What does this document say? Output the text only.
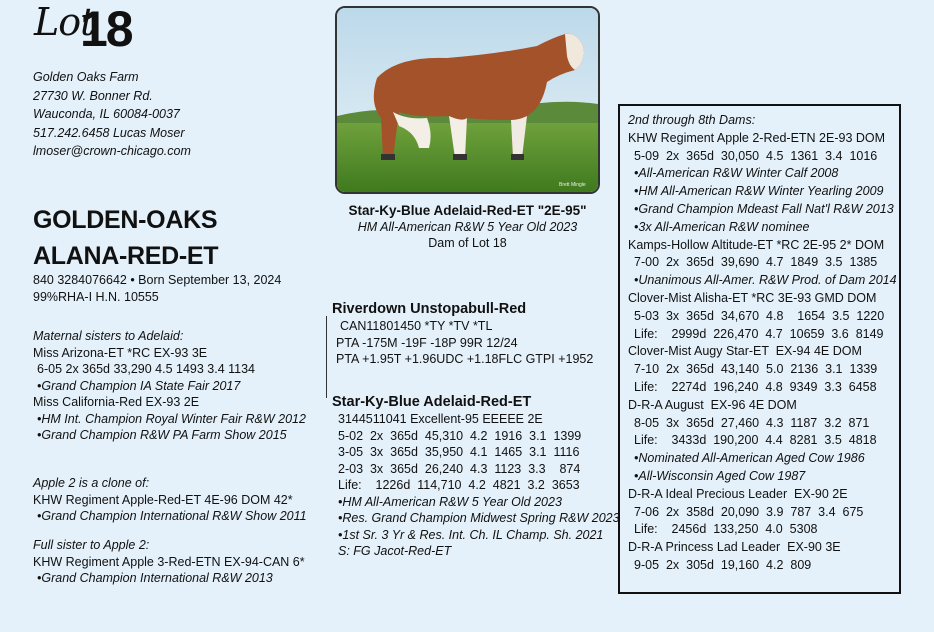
Lot
18
Golden Oaks Farm
27730 W. Bonner Rd.
Wauconda, IL 60084-0037
517.242.6458 Lucas Moser
lmoser@crown-chicago.com
GOLDEN-OAKS
ALANA-RED-ET
840 3284076642 • Born September 13, 2024
99%RHA-I H.N. 10555
Maternal sisters to Adelaid:
Miss Arizona-ET *RC EX-93 3E
6-05 2x 365d 33,290 4.5 1493 3.4 1134
•Grand Champion IA State Fair 2017
Miss California-Red EX-93 2E
•HM Int. Champion Royal Winter Fair R&W 2012
•Grand Champion R&W PA Farm Show 2015
Apple 2 is a clone of:
KHW Regiment Apple-Red-ET 4E-96 DOM 42*
•Grand Champion International R&W Show 2011
Full sister to Apple 2:
KHW Regiment Apple 3-Red-ETN EX-94-CAN 6*
•Grand Champion International R&W 2013
Brett Mingle
Star-Ky-Blue Adelaid-Red-ET "2E-95"
HM All-American R&W 5 Year Old 2023
Dam of Lot 18
Riverdown Unstopabull-Red
CAN11801450 *TY *TV *TL
PTA -175M -19F -18P 99R 12/24
PTA +1.95T +1.96UDC +1.18FLC GTPI +1952
Star-Ky-Blue Adelaid-Red-ET
3144511041 Excellent-95 EEEEE 2E
5-02  2x  365d  45,310  4.2  1916  3.1  1399
3-05  3x  365d  35,950  4.1  1465  3.1  1116
2-03  3x  365d  26,240  4.3  1123  3.3    874
Life:    1226d  114,710  4.2  4821  3.2  3653
•HM All-American R&W 5 Year Old 2023
•Res. Grand Champion Midwest Spring R&W 2023
•1st Sr. 3 Yr & Res. Int. Ch. IL Champ. Sh. 2021
S: FG Jacot-Red-ET
2nd through 8th Dams:
KHW Regiment Apple 2-Red-ETN 2E-93 DOM
5-09  2x  365d  30,050  4.5  1361  3.4  1016
•All-American R&W Winter Calf 2008
•HM All-American R&W Winter Yearling 2009
•Grand Champion Mdeast Fall Nat'l R&W 2013
•3x All-American R&W nominee
Kamps-Hollow Altitude-ET *RC 2E-95 2* DOM
7-00  2x  365d  39,690  4.7  1849  3.5  1385
•Unanimous All-Amer. R&W Prod. of Dam 2014
Clover-Mist Alisha-ET *RC 3E-93 GMD DOM
5-03  3x  365d  34,670  4.8    1654  3.5  1220
Life:    2999d  226,470  4.7  10659  3.6  8149
Clover-Mist Augy Star-ET  EX-94 4E DOM
7-10  2x  365d  43,140  5.0  2136  3.1  1339
Life:    2274d  196,240  4.8  9349  3.3  6458
D-R-A August  EX-96 4E DOM
8-05  3x  365d  27,460  4.3  1187  3.2  871
Life:    3433d  190,200  4.4  8281  3.5  4818
•Nominated All-American Aged Cow 1986
•All-Wisconsin Aged Cow 1987
D-R-A Ideal Precious Leader  EX-90 2E
7-06  2x  358d  20,090  3.9  787  3.4  675
Life:    2456d  133,250  4.0  5308
D-R-A Princess Lad Leader  EX-90 3E
9-05  2x  305d  19,160  4.2  809
